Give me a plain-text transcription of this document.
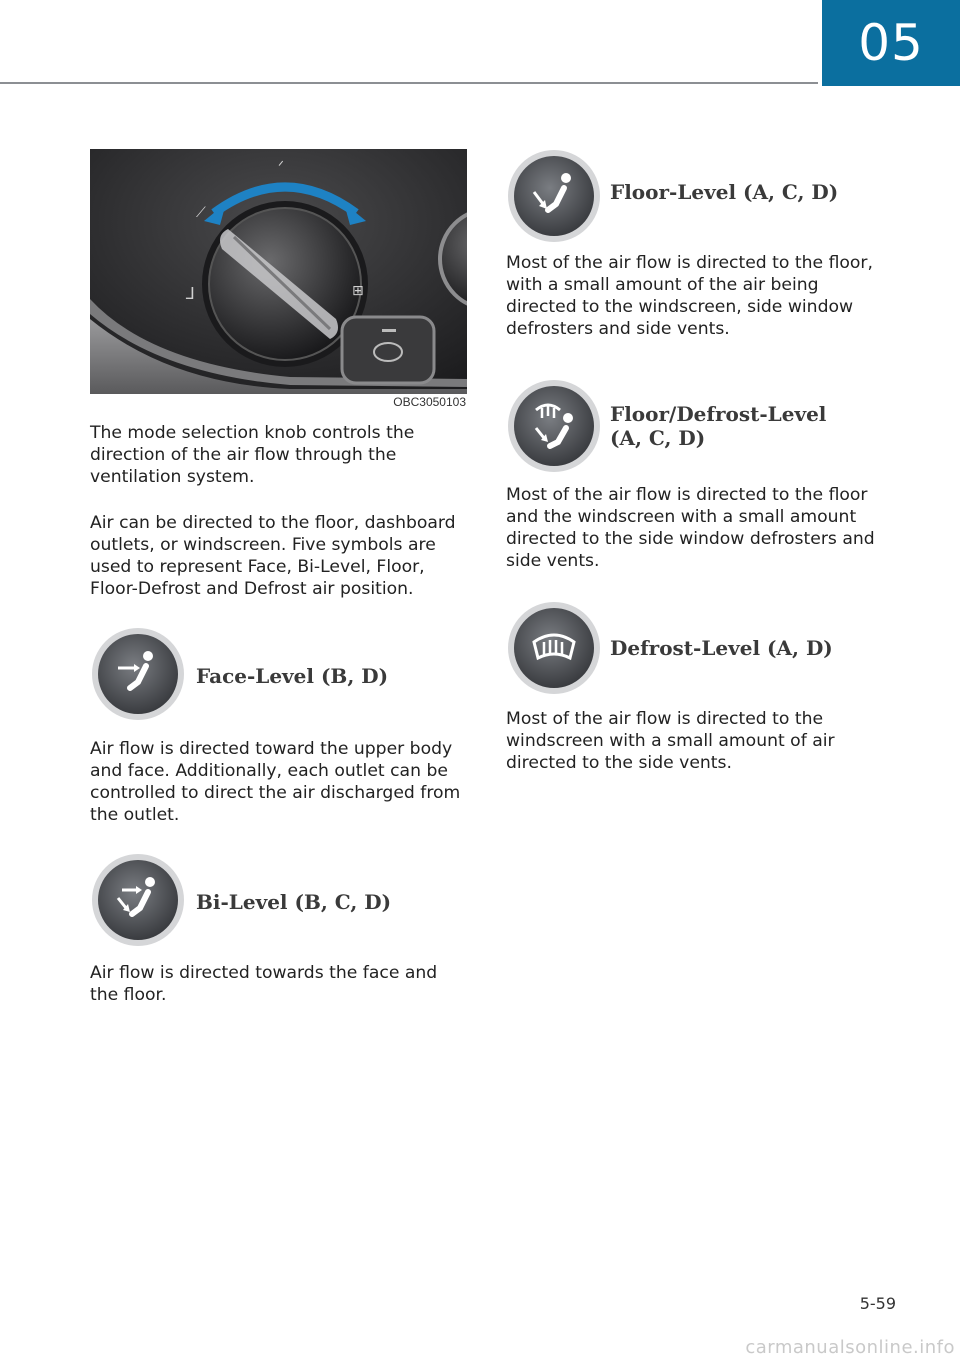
05
ᐟ
⟋
ᒧ	⊞
OBC3050103

The mode selection knob controls the direction of the air flow through the ventilation system.

Air can be directed to the floor, dashboard outlets, or windscreen. Five symbols are used to represent Face, Bi-Level, Floor, Floor-Defrost and Defrost air position.

Face-Level (B, D)

Air flow is directed toward the upper body and face. Additionally, each outlet can be controlled to direct the air discharged from the outlet.

Bi-Level (B, C, D)

Air flow is directed towards the face and the floor.

Floor-Level (A, C, D)

Most of the air flow is directed to the floor, with a small amount of the air being directed to the windscreen, side window defrosters and side vents.

Floor/Defrost-Level
(A, C, D)

Most of the air flow is directed to the floor and the windscreen with a small amount directed to the side window defrosters and side vents.

Defrost-Level (A, D)

Most of the air flow is directed to the windscreen with a small amount of air directed to the side vents.

5-59
carmanualsonline.info
